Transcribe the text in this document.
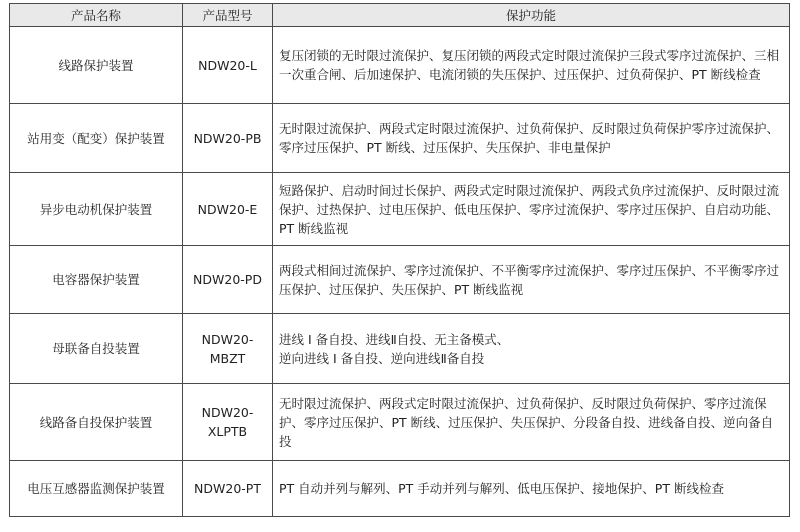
产品名称	产品型号	保护功能
线路保护装置	NDW20-L	复压闭锁的无时限过流保护、复压闭锁的两段式定时限过流保护三段式零序过流保护、三相一次重合闸、后加速保护、电流闭锁的失压保护、过压保护、过负荷保护、PT 断线检查
站用变（配变）保护装置	NDW20-PB	无时限过流保护、两段式定时限过流保护、过负荷保护、反时限过负荷保护零序过流保护、零序过压保护、PT 断线、过压保护、失压保护、非电量保护
异步电动机保护装置	NDW20-E	短路保护、启动时间过长保护、两段式定时限过流保护、两段式负序过流保护、反时限过流保护、过热保护、过电压保护、低电压保护、零序过流保护、零序过压保护、自启动功能、PT 断线监视
电容器保护装置	NDW20-PD	两段式相间过流保护、零序过流保护、不平衡零序过流保护、零序过压保护、不平衡零序过压保护、过压保护、失压保护、PT 断线监视
母联备自投装置	NDW20-MBZT	进线 I 备自投、进线Ⅱ自投、无主备模式、
逆向进线 I 备自投、逆向进线Ⅱ备自投

线路备自投保护装置	NDW20-XLPTB	无时限过流保护、两段式定时限过流保护、过负荷保护、反时限过负荷保护、零序过流保护、零序过压保护、PT 断线、过压保护、失压保护、分段备自投、进线备自投、逆向备自投
电压互感器监测保护装置	NDW20-PT	PT 自动并列与解列、PT 手动并列与解列、低电压保护、接地保护、PT 断线检查
